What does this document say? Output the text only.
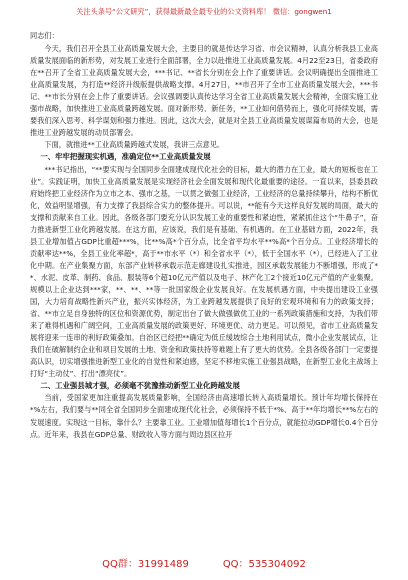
关注头条号“公文研究”，获得最新最全最专业的公文资料库！ 微信：gongwen1

同志们：

今天，我们召开全县工业高质量发展大会，主要目的就是传达学习省、市会议精神，认真分析我县工业高质量发展面临的新形势，对发展工业进行全面部署，全力以赴推进工业高质量发展。4月22至23日，省委政府在**召开了全省工业高质量发展大会，***书记、**省长分别在会上作了重要讲话。会议明确提出全面推进工业高质量发展，为打造**经济升级版提供战略支撑。4月27日，**市召开了全市工业高质量发展大会，***书记、**市长分别在会上作了重要讲话。会议强调要认真传达学习全省工业高质量发展大会精神，全面实施工业强市战略，加快推进工业高质量跨越发展。面对新形势、新任务，**工业如何借势而上，强化可持续发展，需要我们深入思考、科学谋划和强力推进。因此，这次大会，就是对全县工业高质量发展谋篇布局的大会，也是推进工业跨越发展的动员部署会。

下面，就推进**工业高质量跨越式发展，我讲三点意见。

一、牢牢把握现实机遇，准确定位**工业高质量发展

***书记指出，“**要实现与全国同步全面建成现代化社会的目标，最大的潜力在工业，最大的短板也在工业”。实践证明，加快工业高质量发展是实现经济社会全面发展和现代化最重要的途径。一直以来，县委县政府始终把工业经济作为立市之本、强市之基，一以贯之做强工业经济，工业经济的总量持续攀升，结构不断优化，效益明显增强，有力支撑了我县综合实力的整体提升。可以说，**能有今天这样良好发展的局面，最大的支撑和贡献来自工业。因此，各级各部门要充分认识发展工业的重要性和紧迫性，紧紧抓住这个“牛鼻子”，奋力推进新型工业化跨越发展。在这方面，应该说，我们是有基础、有机遇的。在工业基础方面，2022年，我县工业增加值占GDP比重超***%，比**%高*个百分点，比全省平均水平**%高*个百分点。工业经济增长的贡献率达**%，全县工业化率超*，高于**市水平（*）和全省水平（*），低于全国水平（*），已经进入了工业化中期。在产业集聚方面，东部产业转移承载示范走廊建设扎实推进，园区承载发展能力不断增强，形成了**、水泥、皮革、制药、食品、服装等6个超10亿元产值以及电子、林产化工2个接近10亿元产值的产业集聚。规模以上企业达到***家，**、**、**等一批国家级企业发展良好。在发展机遇方面，中央提出建设工业强国，大力培育战略性新兴产业，振兴实体经济，为工业跨越发展提供了良好的宏观环境和有力的政策支持；省、**市立足自身独特的区位和资源优势，制定出台了做大做强做优工业的一系列政策措施和支持，为我们带来了难得机遇和广阔空间，工业高质量发展的政策更好、环境更优、动力更足。可以预见，省市工业高质量发展将迎来一连串的利好政策叠加。自治区已经把**确定为低丘缓坡综合土地利用试点，微小企业发展试点，让我们在破解制约企业和项目发展的土地、资金和政策扶持等难题上有了更大的优势。全县各级各部门一定要提高认识，切实增强推进新型工业化的自觉性和紧迫感，坚定不移地实施工业强县战略，在新型工业化主战场上打好“主动仗”、打出“漂亮仗”。

二、工业强县城才强，必须毫不犹豫推动新型工业化跨越发展

当前，受国家更加注重提高发展质量影响，全国经济由高速增长转入高质量增长。预计年均增长保持在*%左右，我们要与**同全省全国同步全面建成现代化社会，必须保持不低于*%、高于**年均增长**%左右的发展速度。实现这一目标，靠什么？主要靠工业。工业增加值每增长1个百分点，就能拉动GDP增长0.4个百分点。近年来，我县在GDP总量、财政收入等方面与周边县区拉开

QQ群：31991489	QQ：535304092
